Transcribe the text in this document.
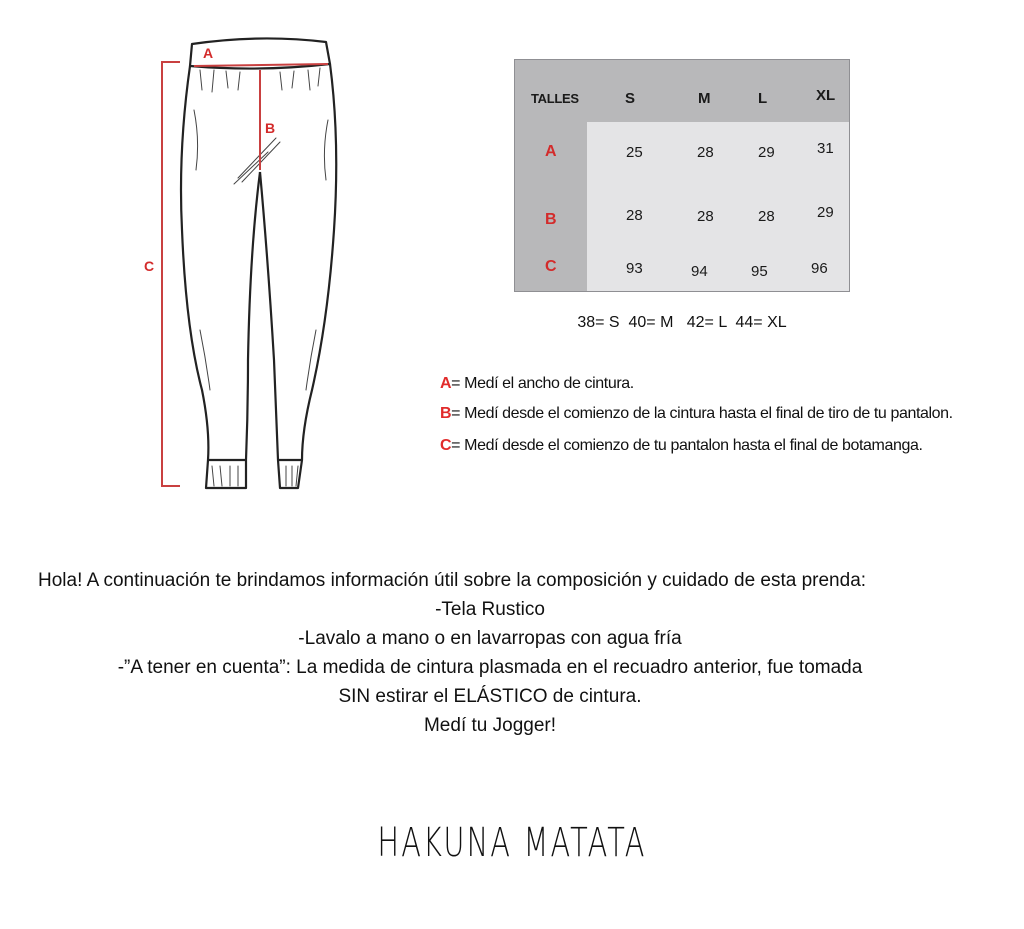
A
B
C
TALLES	S	M	L	XL
A	25	28	29	31
B	28	28	28	29
C	93	94	95	96
38= S  40= M   42= L  44= XL
A= Medí el ancho de cintura.
B= Medí desde el comienzo de la cintura hasta el final de tiro de tu pantalon.
C= Medí desde el comienzo de tu pantalon hasta el final de botamanga.
Hola! A continuación te brindamos información útil sobre la composición y cuidado de esta prenda:
-Tela Rustico
-Lavalo a mano o en lavarropas con agua fría
-”A tener en cuenta”: La medida de cintura plasmada en el recuadro anterior, fue tomada
SIN estirar el ELÁSTICO de cintura.
Medí tu Jogger!
HAKUNA MATATA
